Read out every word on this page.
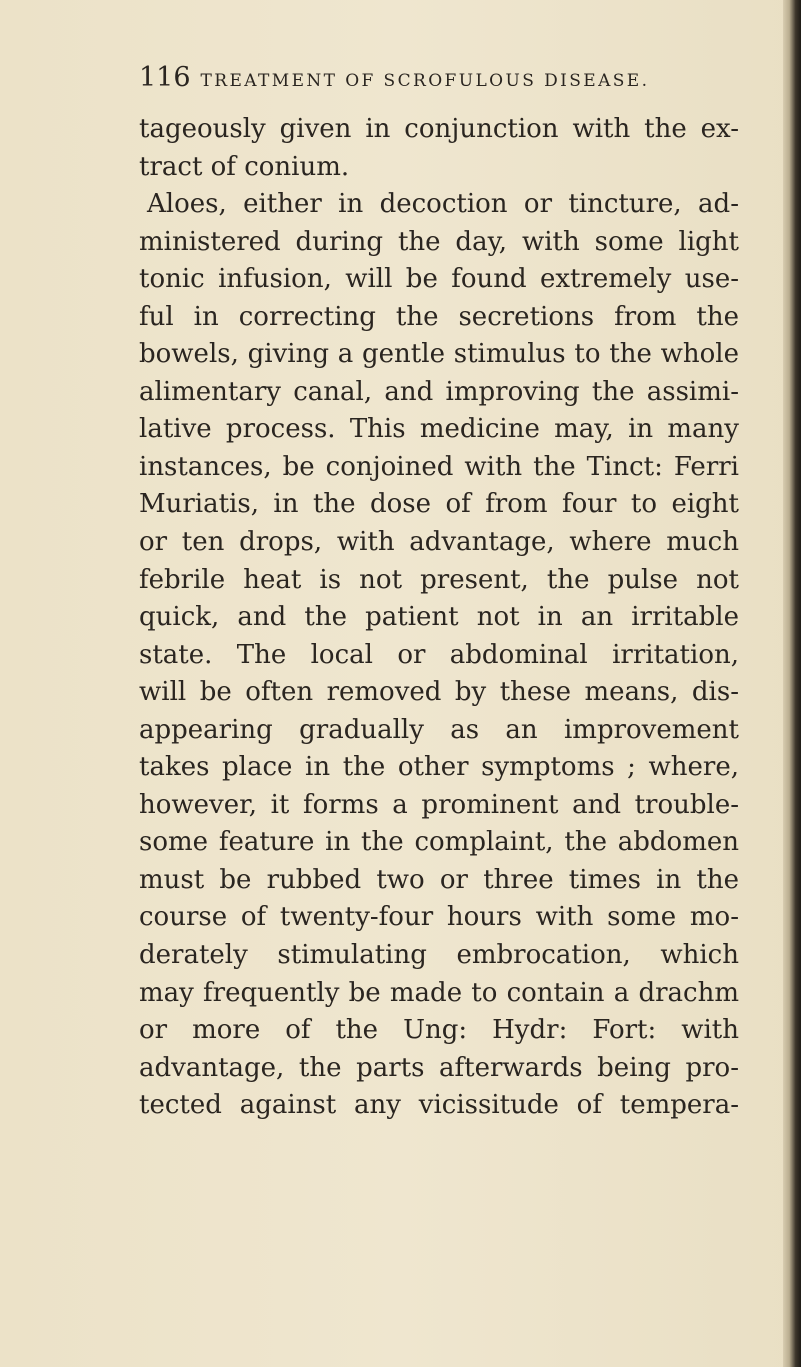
116 TREATMENT OF SCROFULOUS DISEASE.
tageously given in conjunction with the ex-
tract of conium.
Aloes, either in decoction or tincture, ad-
ministered during the day, with some light
tonic infusion, will be found extremely use-
ful in correcting the secretions from the
bowels, giving a gentle stimulus to the whole
alimentary canal, and improving the assimi-
lative process. This medicine may, in many
instances, be conjoined with the Tinct: Ferri
Muriatis, in the dose of from four to eight
or ten drops, with advantage, where much
febrile heat is not present, the pulse not
quick, and the patient not in an irritable
state. The local or abdominal irritation,
will be often removed by these means, dis-
appearing gradually as an improvement
takes place in the other symptoms ; where,
however, it forms a prominent and trouble-
some feature in the complaint, the abdomen
must be rubbed two or three times in the
course of twenty-four hours with some mo-
derately stimulating embrocation, which
may frequently be made to contain a drachm
or more of the Ung: Hydr: Fort: with
advantage, the parts afterwards being pro-
tected against any vicissitude of tempera-
